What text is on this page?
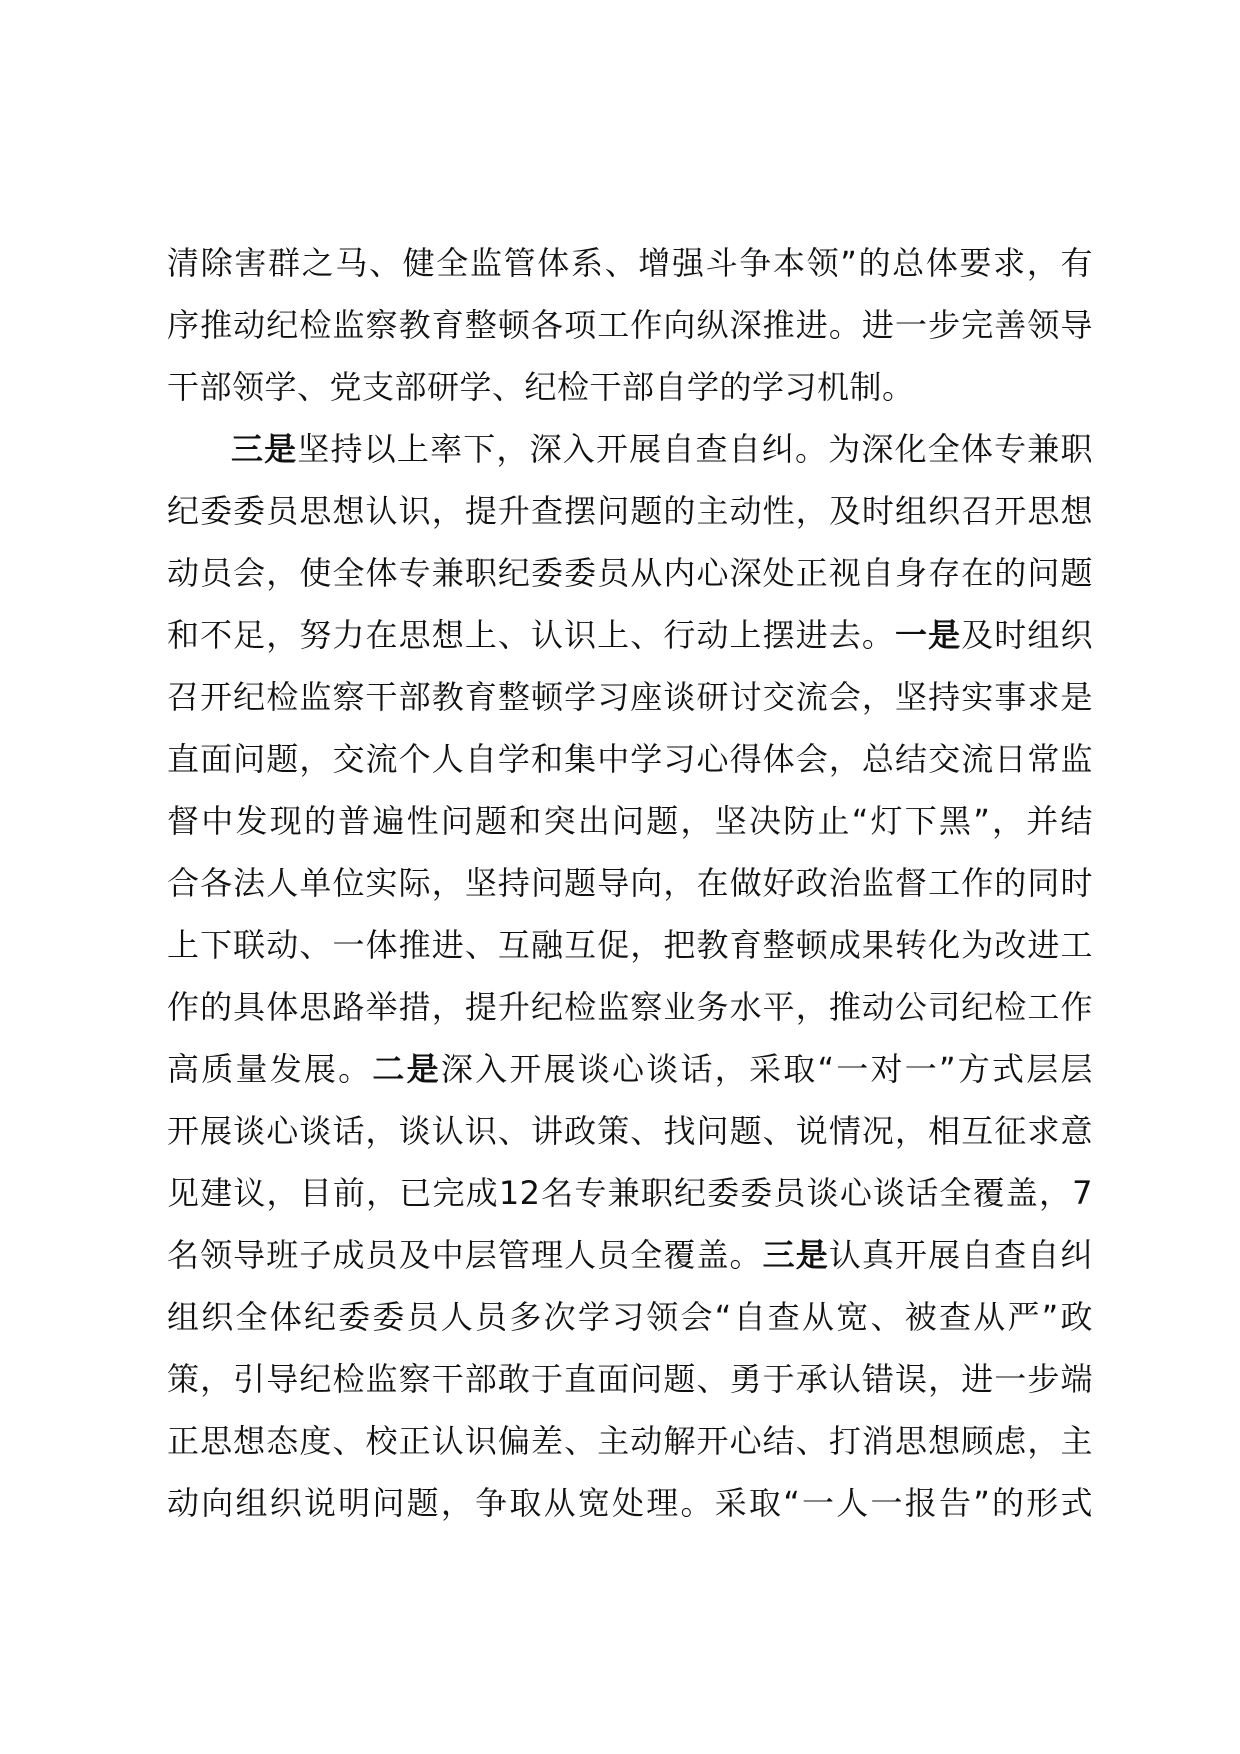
清除害群之马、健全监管体系、增强斗争本领”的总体要求，有
序推动纪检监察教育整顿各项工作向纵深推进。进一步完善领导
干部领学、党支部研学、纪检干部自学的学习机制。
三是坚持以上率下，深入开展自查自纠。为深化全体专兼职
纪委委员思想认识，提升查摆问题的主动性，及时组织召开思想
动员会，使全体专兼职纪委委员从内心深处正视自身存在的问题
和不足，努力在思想上、认识上、行动上摆进去。一是及时组织
召开纪检监察干部教育整顿学习座谈研讨交流会，坚持实事求是
直面问题，交流个人自学和集中学习心得体会，总结交流日常监
督中发现的普遍性问题和突出问题，坚决防止“灯下黑”，并结
合各法人单位实际，坚持问题导向，在做好政治监督工作的同时
上下联动、一体推进、互融互促，把教育整顿成果转化为改进工
作的具体思路举措，提升纪检监察业务水平，推动公司纪检工作
高质量发展。二是深入开展谈心谈话，采取“一对一”方式层层
开展谈心谈话，谈认识、讲政策、找问题、说情况，相互征求意
见建议，目前，已完成12名专兼职纪委委员谈心谈话全覆盖，7
名领导班子成员及中层管理人员全覆盖。三是认真开展自查自纠
组织全体纪委委员人员多次学习领会“自查从宽、被查从严”政
策，引导纪检监察干部敢于直面问题、勇于承认错误，进一步端
正思想态度、校正认识偏差、主动解开心结、打消思想顾虑，主
动向组织说明问题，争取从宽处理。采取“一人一报告”的形式
